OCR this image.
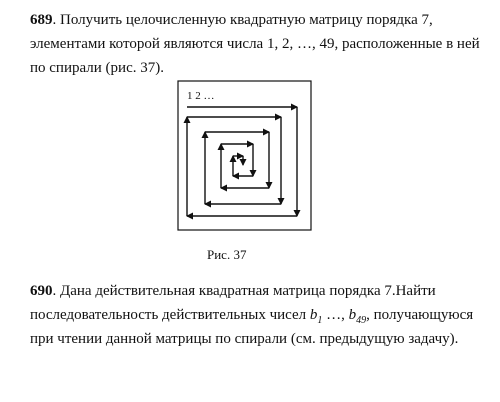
689. Получить целочисленную квадратную матрицу порядка 7,
элементами которой являются числа 1, 2, …, 49, расположенные в ней
по спирали (рис. 37).
1 2 …
Рис. 37
690. Дана действительная квадратная матрица порядка 7.Найти
последовательность действительных чисел $b_1$ …, $b_{49}$, получающуюся
при чтении данной матрицы по спирали (см. предыдущую задачу).
